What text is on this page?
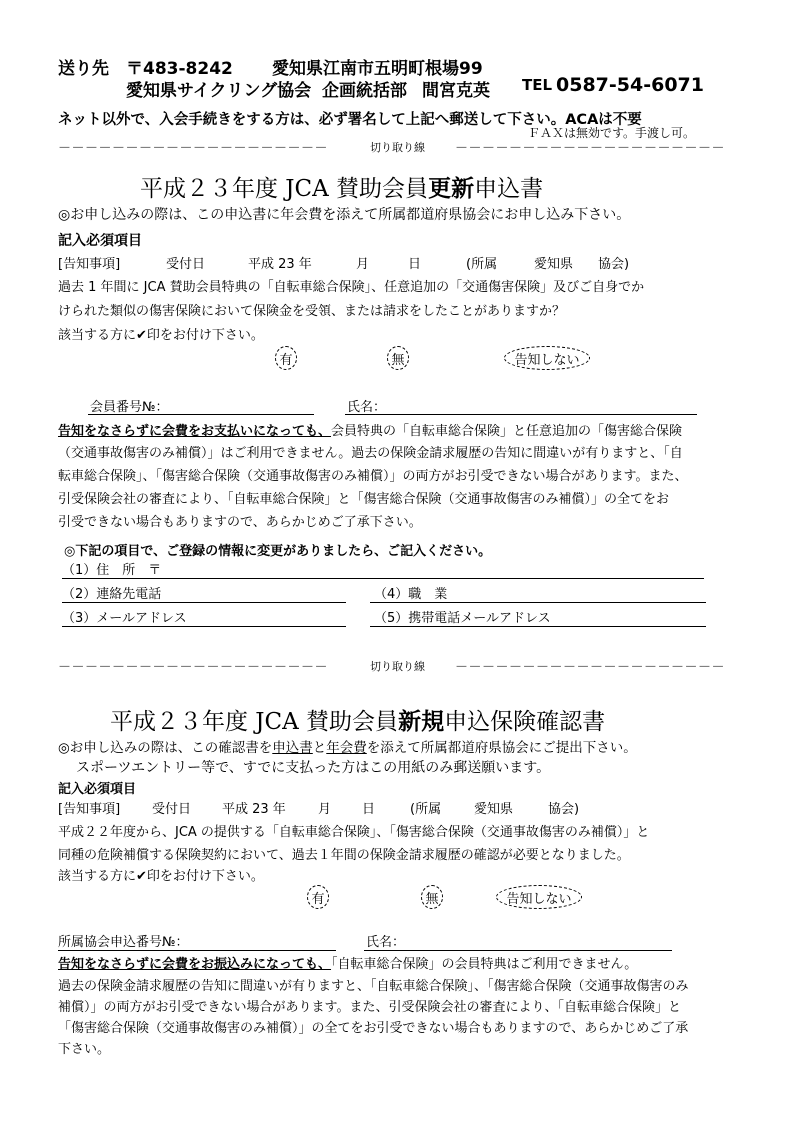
送り先 〒483-8242 愛知県江南市五明町根場99
愛知県サイクリング協会 企画統括部 間宮克英 TEL 0587-54-6071
ネット以外で、入会手続きをする方は、必ず署名して上記へ郵送して下さい。ACAは不要
ＦＡＸは無効です。手渡し可。
－－－－－－－－－－－－－－－－－－－－	切り取り線 －－－－－－－－－－－－－－－－－－－－
平成２３年度 JCA 賛助会員更新申込書
◎お申し込みの際は、この申込書に年会費を添えて所属都道府県協会にお申し込み下さい。
記入必須項目
[告知事項]	受付日	平成 23 年	月	日	(所属	愛知県 協会)
過去 1 年間に JCA 賛助会員特典の「自転車総合保険」、任意追加の「交通傷害保険」及びご自身でか
けられた類似の傷害保険において保険金を受領、または請求をしたことがありますか？
該当する方に✔印をお付け下さい。
有	無	告知しない
会員番号№：	氏名：
告知をなさらずに会費をお支払いになっても、会員特典の「自転車総合保険」と任意追加の「傷害総合保険
（交通事故傷害のみ補償）」はご利用できません。過去の保険金請求履歴の告知に間違いが有りますと、「自
転車総合保険」、「傷害総合保険（交通事故傷害のみ補償）」の両方がお引受できない場合があります。また、
引受保険会社の審査により、「自転車総合保険」と「傷害総合保険（交通事故傷害のみ補償）」の全てをお
引受できない場合もありますので、あらかじめご了承下さい。
◎下記の項目で、ご登録の情報に変更がありましたら、ご記入ください。
（1）住　所　〒
（2）連絡先電話	（4）職　業
（3）メールアドレス	（5）携帯電話メールアドレス
－－－－－－－－－－－－－－－－－－－－	切り取り線 －－－－－－－－－－－－－－－－－－－－
平成２３年度 JCA 賛助会員新規申込保険確認書
◎お申し込みの際は、この確認書を申込書と年会費を添えて所属都道府県協会にご提出下さい。
スポーツエントリー等で、すでに支払った方はこの用紙のみ郵送願います。
記入必須項目
[告知事項] 受付日 平成 23 年 月 日	(所属	愛知県	協会)
平成２２年度から、JCA の提供する「自転車総合保険」、「傷害総合保険（交通事故傷害のみ補償）」と
同種の危険補償する保険契約において、過去１年間の保険金請求履歴の確認が必要となりました。
該当する方に✔印をお付け下さい。
有	無	告知しない
所属協会申込番号№：	氏名：
告知をなさらずに会費をお振込みになっても、「自転車総合保険」の会員特典はご利用できません。
過去の保険金請求履歴の告知に間違いが有りますと、「自転車総合保険」、「傷害総合保険（交通事故傷害のみ
補償）」の両方がお引受できない場合があります。また、引受保険会社の審査により、「自転車総合保険」と
「傷害総合保険（交通事故傷害のみ補償）」の全てをお引受できない場合もありますので、あらかじめご了承
下さい。
